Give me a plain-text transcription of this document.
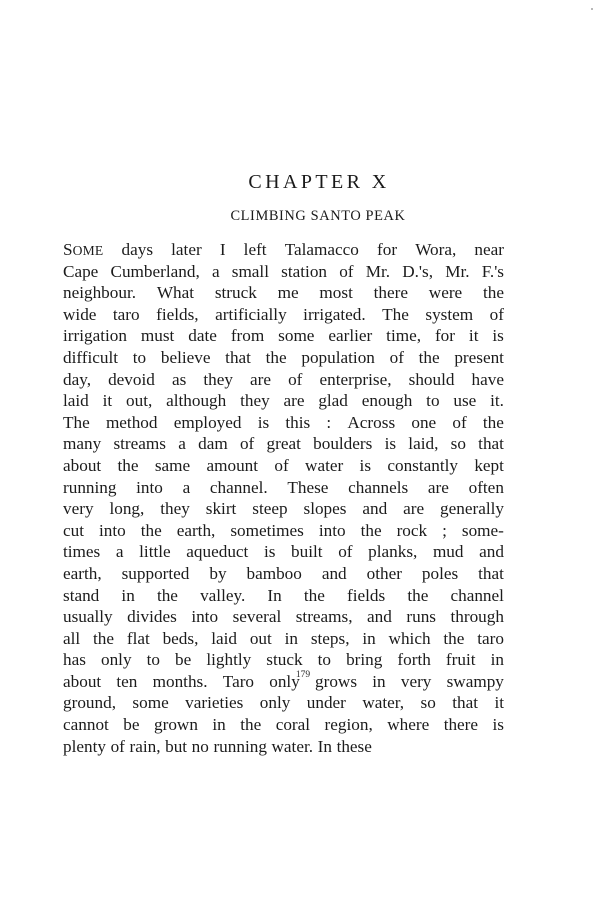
CHAPTER X
CLIMBING SANTO PEAK
SOME days later I left Talamacco for Wora, near
Cape Cumberland, a small station of Mr. D.'s, Mr. F.'s
neighbour. What struck me most there were the
wide taro fields, artificially irrigated. The system of
irrigation must date from some earlier time, for it is
difficult to believe that the population of the present
day, devoid as they are of enterprise, should have
laid it out, although they are glad enough to use it.
The method employed is this : Across one of the
many streams a dam of great boulders is laid, so that
about the same amount of water is constantly kept
running into a channel. These channels are often
very long, they skirt steep slopes and are generally
cut into the earth, sometimes into the rock ; some-
times a little aqueduct is built of planks, mud and
earth, supported by bamboo and other poles that
stand in the valley. In the fields the channel
usually divides into several streams, and runs through
all the flat beds, laid out in steps, in which the taro
has only to be lightly stuck to bring forth fruit in
about ten months. Taro only grows in very swampy
ground, some varieties only under water, so that it
cannot be grown in the coral region, where there is
plenty of rain, but no running water. In these
179
